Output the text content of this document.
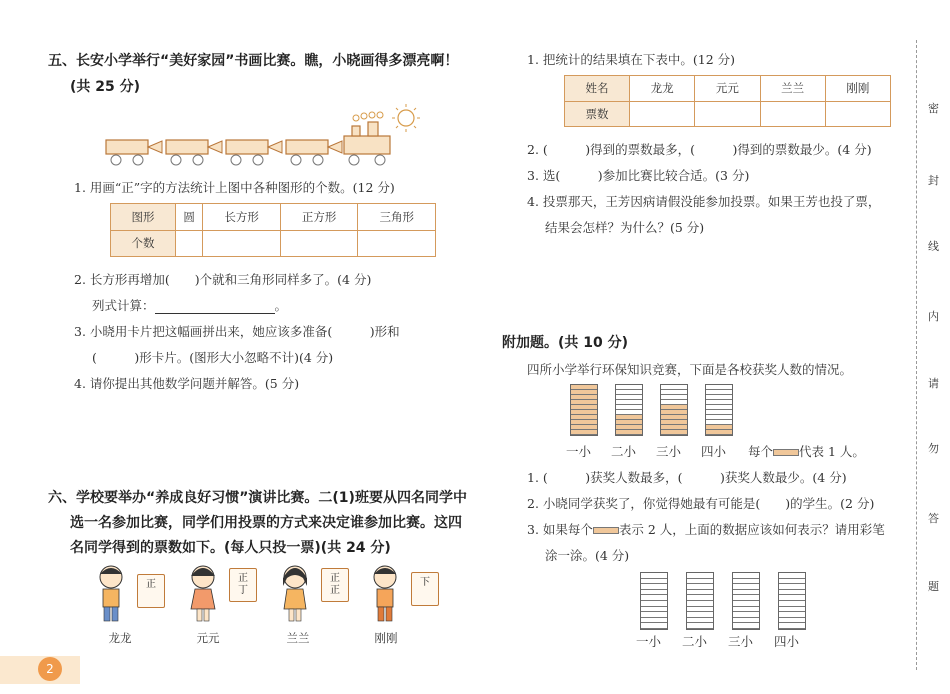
五、长安小学举行“美好家园”书画比赛。瞧，小晓画得多漂亮啊！
(共 25 分)
1. 用画“正”字的方法统计上图中各种图形的个数。(12 分)
图形	圆	长方形	正方形	三角形
个数				
2. 长方形再增加(　　)个就和三角形同样多了。(4 分)
列式计算：	。
3. 小晓用卡片把这幅画拼出来，她应该多准备(　　　)形和
(　　　)形卡片。(图形大小忽略不计)(4 分)
4. 请你提出其他数学问题并解答。(5 分)
六、学校要举办“养成良好习惯”演讲比赛。二(1)班要从四名同学中
选一名参加比赛，同学们用投票的方式来决定谁参加比赛。这四
名同学得到的票数如下。(每人只投一票)(共 24 分)
正
龙龙
正
丁
元元
正
正
兰兰
下
刚刚
2
1. 把统计的结果填在下表中。(12 分)
姓名	龙龙	元元	兰兰	刚刚
票数				
2. (　　　)得到的票数最多，(　　　)得到的票数最少。(4 分)
3. 选(　　　)参加比赛比较合适。(3 分)
4. 投票那天，王芳因病请假没能参加投票。如果王芳也投了票，
结果会怎样？为什么？(5 分)
附加题。(共 10 分)
四所小学举行环保知识竞赛，下面是各校获奖人数的情况。
一小 二小 三小 四小 每个 代表 1 人。
1. (　　　)获奖人数最多，(　　　)获奖人数最少。(4 分)
2. 小晓同学获奖了，你觉得她最有可能是(　　)的学生。(2 分)
3. 如果每个 表示 2 人，上面的数据应该如何表示？请用彩笔
涂一涂。(4 分)
一小 二小 三小 四小
密
封
线
内
请
勿
答
题
